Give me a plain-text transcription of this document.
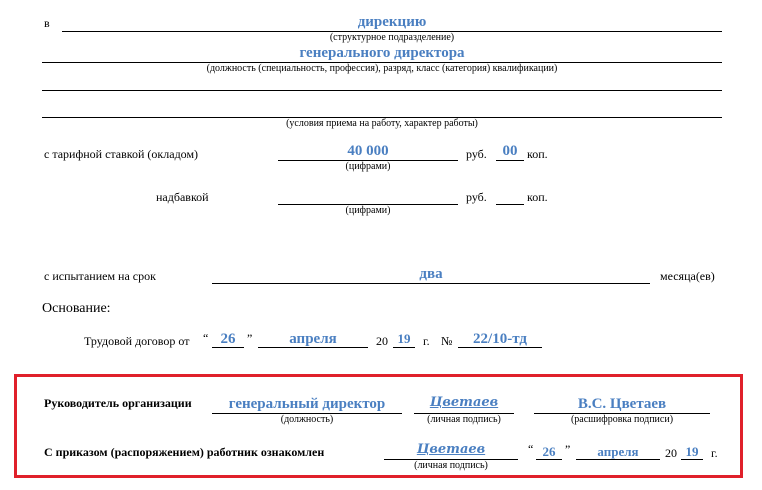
в	дирекцию
(структурное подразделение)
генерального директора
(должность (специальность, профессия), разряд, класс (категория) квалификации)
(условия приема на работу, характер работы)
с тарифной ставкой (окладом)	40 000
(цифрами)
руб.	00 коп.
надбавкой
(цифрами)
руб.	коп.
с испытанием на срок	два	месяца(ев)
Основание:
Трудовой договор от “ 26 ”	апреля	20 19	г. №	22/10-тд
Руководитель организации	генеральный директор
(должность)
Цветаев
(личная подпись)
В.С. Цветаев
(расшифровка подписи)
С приказом (распоряжением) работник ознакомлен	Цветаев
(личная подпись)
“ 26 ”	апреля	20 19	г.
